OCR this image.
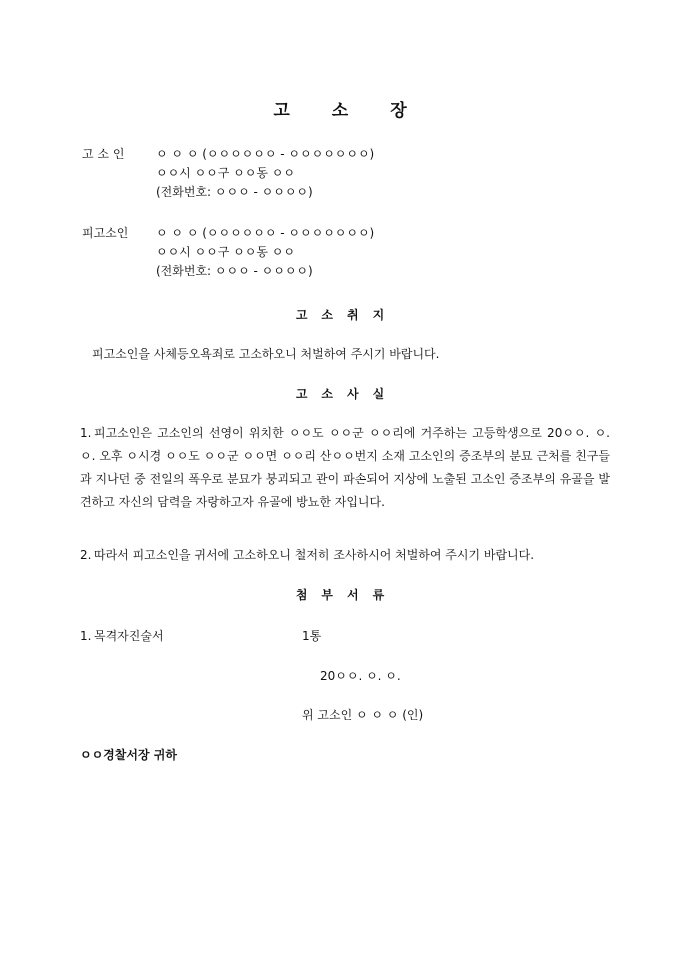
고소장
고 소 인	ㅇ ㅇ ㅇ (ㅇㅇㅇㅇㅇㅇ - ㅇㅇㅇㅇㅇㅇㅇ)
ㅇㅇ시 ㅇㅇ구 ㅇㅇ동 ㅇㅇ
(전화번호: ㅇㅇㅇ - ㅇㅇㅇㅇ)
피고소인 ㅇ ㅇ ㅇ (ㅇㅇㅇㅇㅇㅇ - ㅇㅇㅇㅇㅇㅇㅇ)
ㅇㅇ시 ㅇㅇ구 ㅇㅇ동 ㅇㅇ
(전화번호: ㅇㅇㅇ - ㅇㅇㅇㅇ)
고소취지
피고소인을 사체등오욕죄로 고소하오니 처벌하여 주시기 바랍니다.
고소사실
1. 피고소인은 고소인의 선영이 위치한 ㅇㅇ도 ㅇㅇ군 ㅇㅇ리에 거주하는 고등학생으로 20ㅇㅇ. ㅇ. ㅇ. 오후 ㅇ시경 ㅇㅇ도 ㅇㅇ군 ㅇㅇ면 ㅇㅇ리 산ㅇㅇ번지 소재 고소인의 증조부의 분묘 근처를 친구들과 지나던 중 전일의 폭우로 분묘가 붕괴되고 관이 파손되어 지상에 노출된 고소인 증조부의 유골을 발견하고 자신의 담력을 자랑하고자 유골에 방뇨한 자입니다.
2. 따라서 피고소인을 귀서에 고소하오니 철저히 조사하시어 처벌하여 주시기 바랍니다.
첨부서류
1. 목격자진술서	1통
20ㅇㅇ. ㅇ. ㅇ.
위 고소인 ㅇ ㅇ ㅇ (인)
ㅇㅇ경찰서장 귀하
